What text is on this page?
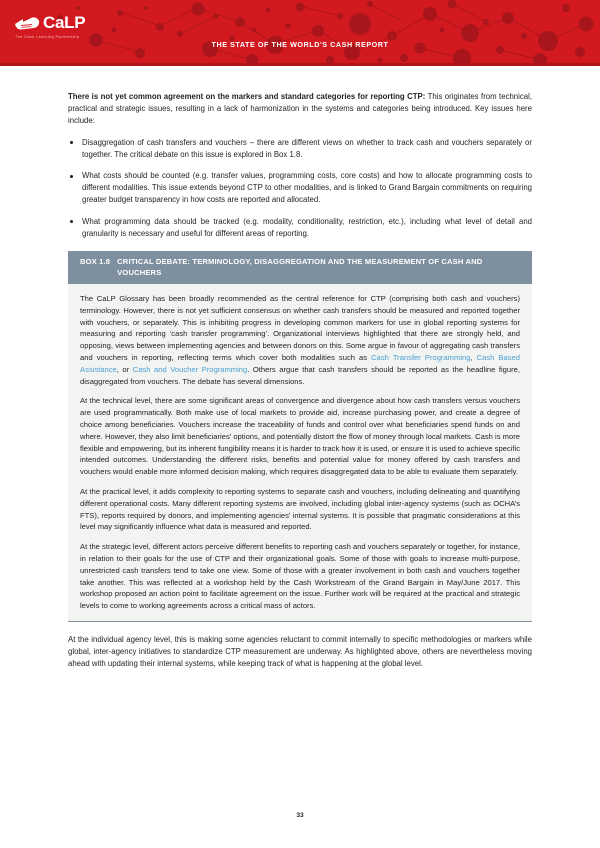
CaLP
The Cash Learning Partnership
THE STATE OF THE WORLD'S CASH REPORT

There is not yet common agreement on the markers and standard categories for reporting CTP: This originates from technical, practical and strategic issues, resulting in a lack of harmonization in the systems and categories being introduced. Key issues here include:

Disaggregation of cash transfers and vouchers – there are different views on whether to track cash and vouchers separately or together. The critical debate on this issue is explored in Box 1.8.
What costs should be counted (e.g. transfer values, programming costs, core costs) and how to allocate programming costs to different modalities. This issue extends beyond CTP to other modalities, and is linked to Grand Bargain commitments on requiring greater budget transparency in how costs are reported and allocated.
What programming data should be tracked (e.g. modality, conditionality, restriction, etc.), including what level of detail and granularity is necessary and useful for different areas of reporting.
BOX 1.8 CRITICAL DEBATE: TERMINOLOGY, DISAGGREGATION AND THE MEASUREMENT OF CASH AND VOUCHERS

The CaLP Glossary has been broadly recommended as the central reference for CTP (comprising both cash and vouchers) terminology. However, there is not yet sufficient consensus on whether cash transfers should be measured and reported together with vouchers, or separately. This is inhibiting progress in developing common markers for use in global reporting systems for measuring and reporting ‘cash transfer programming’. Organizational interviews highlighted that there are strongly held, and opposing, views between implementing agencies and between donors on this. Some argue in favour of aggregating cash transfers and vouchers in reporting, reflecting terms which cover both modalities such as Cash Transfer Programming, Cash Based Assistance, or Cash and Voucher Programming. Others argue that cash transfers should be reported as the headline figure, disaggregated from vouchers. The debate has several dimensions.

At the technical level, there are some significant areas of convergence and divergence about how cash transfers versus vouchers are used programmatically. Both make use of local markets to provide aid, increase purchasing power, and create a degree of choice among beneficiaries. Vouchers increase the traceability of funds and control over what beneficiaries spend funds on and where. However, they also limit beneficiaries’ options, and potentially distort the flow of money through local markets. Cash is more flexible and empowering, but its inherent fungibility means it is harder to track how it is used, or ensure it is used to achieve specific intended outcomes. Understanding the different risks, benefits and potential value for money offered by cash transfers and vouchers would enable more informed decision making, which requires disaggregated data to be able to evaluate them separately.

At the practical level, it adds complexity to reporting systems to separate cash and vouchers, including delineating and quantifying different operational costs. Many different reporting systems are involved, including global inter-agency systems (such as OCHA’s FTS), reports required by donors, and implementing agencies’ internal systems. It is possible that pragmatic considerations at this level may significantly influence what data is measured and reported.

At the strategic level, different actors perceive different benefits to reporting cash and vouchers separately or together, for instance, in relation to their goals for the use of CTP and their organizational goals. Some of those with goals to increase multi-purpose, unrestricted cash transfers tend to take one view. Some of those with a greater involvement in both cash and vouchers together take another. This was reflected at a workshop held by the Cash Workstream of the Grand Bargain in May/June 2017. This workshop proposed an action point to facilitate agreement on the issue. Further work will be required at the practical and strategic levels to come to working agreements across a critical mass of actors.

At the individual agency level, this is making some agencies reluctant to commit internally to specific methodologies or markers while global, inter-agency initiatives to standardize CTP measurement are underway. As highlighted above, others are nevertheless moving ahead with updating their internal systems, while keeping track of what is happening at the global level.

33
